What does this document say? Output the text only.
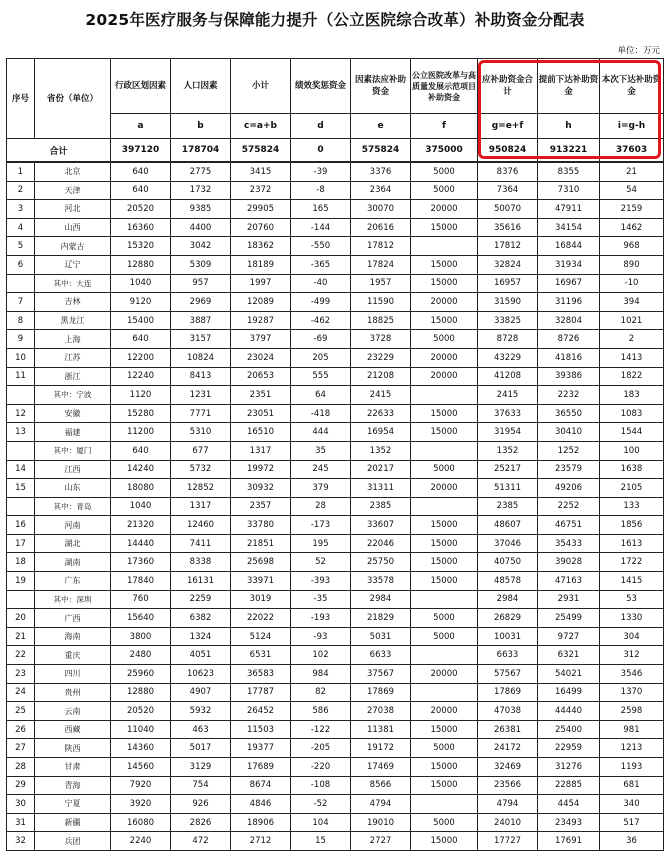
2025年医疗服务与保障能力提升（公立医院综合改革）补助资金分配表
单位：万元
序号	省份（单位）	行政区划因素	人口因素	小计	绩效奖惩资金	因素法应补助资金	公立医院改革与高质量发展示范项目补助资金	应补助资金合计	提前下达补助资金	本次下达补助资金
		a	b	c=a+b	d	e	f	g=e+f	h	i=g-h
合计		397120	178704	575824	0	575824	375000	950824	913221	37603
1	北京	640	2775	3415	-39	3376	5000	8376	8355	21
2	天津	640	1732	2372	-8	2364	5000	7364	7310	54
3	河北	20520	9385	29905	165	30070	20000	50070	47911	2159
4	山西	16360	4400	20760	-144	20616	15000	35616	34154	1462
5	内蒙古	15320	3042	18362	-550	17812		17812	16844	968
6	辽宁	12880	5309	18189	-365	17824	15000	32824	31934	890
	其中：大连	1040	957	1997	-40	1957	15000	16957	16967	-10
7	吉林	9120	2969	12089	-499	11590	20000	31590	31196	394
8	黑龙江	15400	3887	19287	-462	18825	15000	33825	32804	1021
9	上海	640	3157	3797	-69	3728	5000	8728	8726	2
10	江苏	12200	10824	23024	205	23229	20000	43229	41816	1413
11	浙江	12240	8413	20653	555	21208	20000	41208	39386	1822
	其中：宁波	1120	1231	2351	64	2415		2415	2232	183
12	安徽	15280	7771	23051	-418	22633	15000	37633	36550	1083
13	福建	11200	5310	16510	444	16954	15000	31954	30410	1544
	其中：厦门	640	677	1317	35	1352		1352	1252	100
14	江西	14240	5732	19972	245	20217	5000	25217	23579	1638
15	山东	18080	12852	30932	379	31311	20000	51311	49206	2105
	其中：青岛	1040	1317	2357	28	2385		2385	2252	133
16	河南	21320	12460	33780	-173	33607	15000	48607	46751	1856
17	湖北	14440	7411	21851	195	22046	15000	37046	35433	1613
18	湖南	17360	8338	25698	52	25750	15000	40750	39028	1722
19	广东	17840	16131	33971	-393	33578	15000	48578	47163	1415
	其中：深圳	760	2259	3019	-35	2984		2984	2931	53
20	广西	15640	6382	22022	-193	21829	5000	26829	25499	1330
21	海南	3800	1324	5124	-93	5031	5000	10031	9727	304
22	重庆	2480	4051	6531	102	6633		6633	6321	312
23	四川	25960	10623	36583	984	37567	20000	57567	54021	3546
24	贵州	12880	4907	17787	82	17869		17869	16499	1370
25	云南	20520	5932	26452	586	27038	20000	47038	44440	2598
26	西藏	11040	463	11503	-122	11381	15000	26381	25400	981
27	陕西	14360	5017	19377	-205	19172	5000	24172	22959	1213
28	甘肃	14560	3129	17689	-220	17469	15000	32469	31276	1193
29	青海	7920	754	8674	-108	8566	15000	23566	22885	681
30	宁夏	3920	926	4846	-52	4794		4794	4454	340
31	新疆	16080	2826	18906	104	19010	5000	24010	23493	517
32	兵团	2240	472	2712	15	2727	15000	17727	17691	36
